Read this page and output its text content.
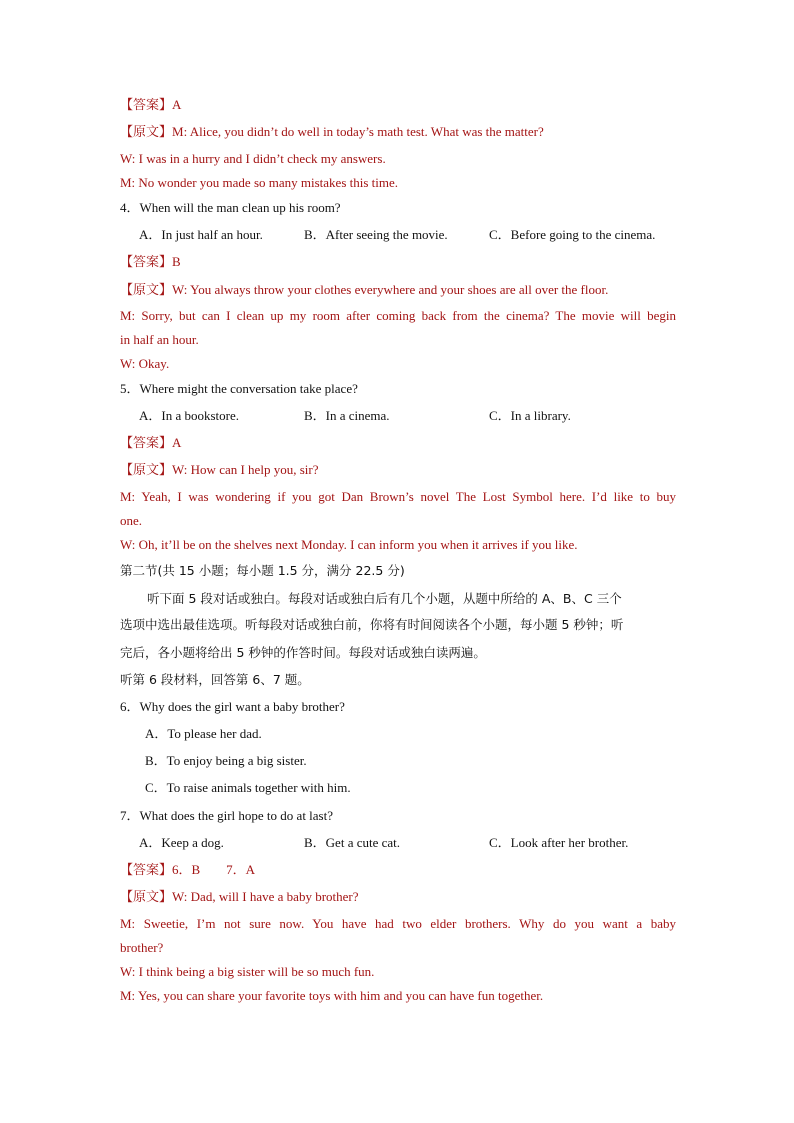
【答案】A
【原文】M: Alice, you didn’t do well in today’s math test. What was the matter?
W: I was in a hurry and I didn’t check my answers.
M: No wonder you made so many mistakes this time.
4．When will the man clean up his room?
A．In just half an hour.	B．After seeing the movie.	C．Before going to the cinema.
【答案】B
【原文】W: You always throw your clothes everywhere and your shoes are all over the floor.
M: Sorry, but can I clean up my room after coming back from the cinema? The movie will begin
in half an hour.
W: Okay.
5．Where might the conversation take place?
A．In a bookstore.	B．In a cinema.	C．In a library.
【答案】A
【原文】W: How can I help you, sir?
M: Yeah, I was wondering if you got Dan Brown’s novel The Lost Symbol here. I’d like to buy
one.
W: Oh, it’ll be on the shelves next Monday. I can inform you when it arrives if you like.
第二节(共 15 小题；每小题 1.5 分，满分 22.5 分)
听下面 5 段对话或独白。每段对话或独白后有几个小题，从题中所给的 A、B、C 三个
选项中选出最佳选项。听每段对话或独白前，你将有时间阅读各个小题，每小题 5 秒钟；听
完后，各小题将给出 5 秒钟的作答时间。每段对话或独白读两遍。
听第 6 段材料，回答第 6、7 题。
6．Why does the girl want a baby brother?
A．To please her dad.
B．To enjoy being a big sister.
C．To raise animals together with him.
7．What does the girl hope to do at last?
A．Keep a dog.	B．Get a cute cat.	C．Look after her brother.
【答案】6．B        7．A
【原文】W: Dad, will I have a baby brother?
M: Sweetie, I’m not sure now. You have had two elder brothers. Why do you want a baby
brother?
W: I think being a big sister will be so much fun.
M: Yes, you can share your favorite toys with him and you can have fun together.
